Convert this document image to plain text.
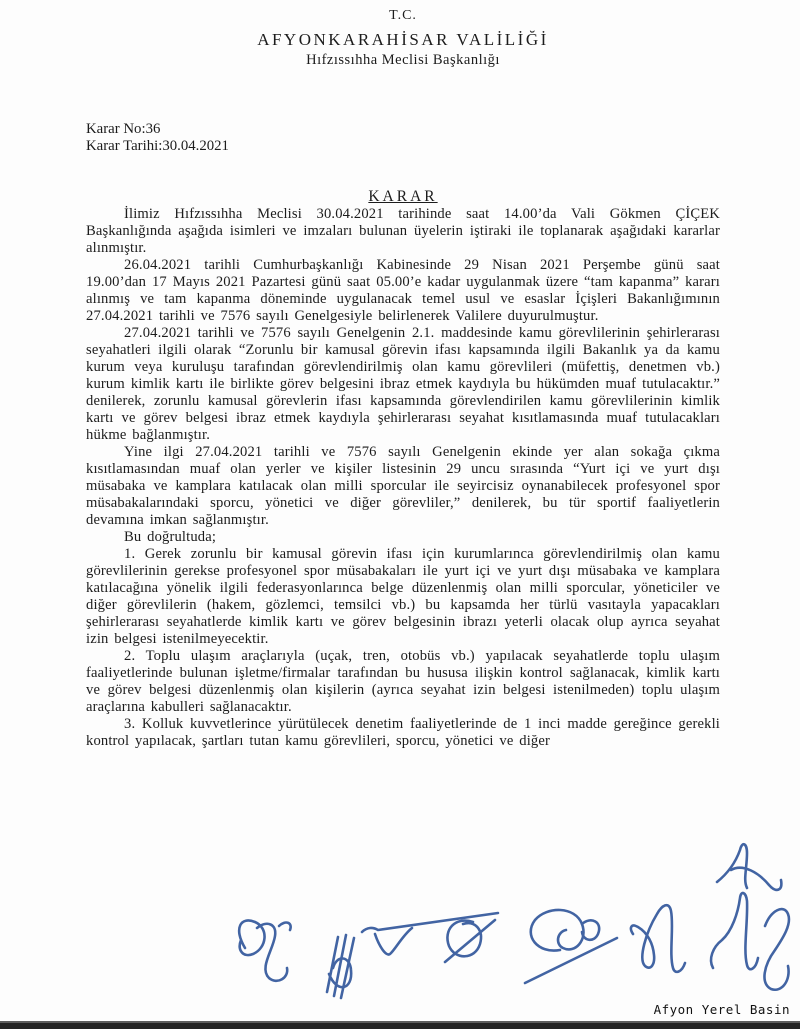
T.C.
AFYONKARAHİSAR VALİLİĞİ
Hıfzıssıhha Meclisi Başkanlığı
Karar No:36
Karar Tarihi:30.04.2021
KARAR

İlimiz Hıfzıssıhha Meclisi 30.04.2021 tarihinde saat 14.00’da Vali Gökmen ÇİÇEK Başkanlığında aşağıda isimleri ve imzaları bulunan üyelerin iştiraki ile toplanarak aşağıdaki kararlar alınmıştır.

26.04.2021 tarihli Cumhurbaşkanlığı Kabinesinde 29 Nisan 2021 Perşembe günü saat 19.00’dan 17 Mayıs 2021 Pazartesi günü saat 05.00’e kadar uygulanmak üzere “tam kapanma” kararı alınmış ve tam kapanma döneminde uygulanacak temel usul ve esaslar İçişleri Bakanlığımının 27.04.2021 tarihli ve 7576 sayılı Genelgesiyle belirlenerek Valilere duyurulmuştur.

27.04.2021 tarihli ve 7576 sayılı Genelgenin 2.1. maddesinde kamu görevlilerinin şehirlerarası seyahatleri ilgili olarak “Zorunlu bir kamusal görevin ifası kapsamında ilgili Bakanlık ya da kamu kurum veya kuruluşu tarafından görevlendirilmiş olan kamu görevlileri (müfettiş, denetmen vb.) kurum kimlik kartı ile birlikte görev belgesini ibraz etmek kaydıyla bu hükümden muaf tutulacaktır.” denilerek, zorunlu kamusal görevlerin ifası kapsamında görevlendirilen kamu görevlilerinin kimlik kartı ve görev belgesi ibraz etmek kaydıyla şehirlerarası seyahat kısıtlamasında muaf tutulacakları hükme bağlanmıştır.

Yine ilgi 27.04.2021 tarihli ve 7576 sayılı Genelgenin ekinde yer alan sokağa çıkma kısıtlamasından muaf olan yerler ve kişiler listesinin 29 uncu sırasında “Yurt içi ve yurt dışı müsabaka ve kamplara katılacak olan milli sporcular ile seyircisiz oynanabilecek profesyonel spor müsabakalarındaki sporcu, yönetici ve diğer görevliler,” denilerek, bu tür sportif faaliyetlerin devamına imkan sağlanmıştır.

Bu doğrultuda;

1. Gerek zorunlu bir kamusal görevin ifası için kurumlarınca görevlendirilmiş olan kamu görevlilerinin gerekse profesyonel spor müsabakaları ile yurt içi ve yurt dışı müsabaka ve kamplara katılacağına yönelik ilgili federasyonlarınca belge düzenlenmiş olan milli sporcular, yöneticiler ve diğer görevlilerin (hakem, gözlemci, temsilci vb.) bu kapsamda her türlü vasıtayla yapacakları şehirlerarası seyahatlerde kimlik kartı ve görev belgesinin ibrazı yeterli olacak olup ayrıca seyahat izin belgesi istenilmeyecektir.

2. Toplu ulaşım araçlarıyla (uçak, tren, otobüs vb.) yapılacak seyahatlerde toplu ulaşım faaliyetlerinde bulunan işletme/firmalar tarafından bu hususa ilişkin kontrol sağlanacak, kimlik kartı ve görev belgesi düzenlenmiş olan kişilerin (ayrıca seyahat izin belgesi istenilmeden) toplu ulaşım araçlarına kabulleri sağlanacaktır.

3. Kolluk kuvvetlerince yürütülecek denetim faaliyetlerinde de 1 inci madde gereğince gerekli kontrol yapılacak, şartları tutan kamu görevlileri, sporcu, yönetici ve diğer

Afyon Yerel Basin
